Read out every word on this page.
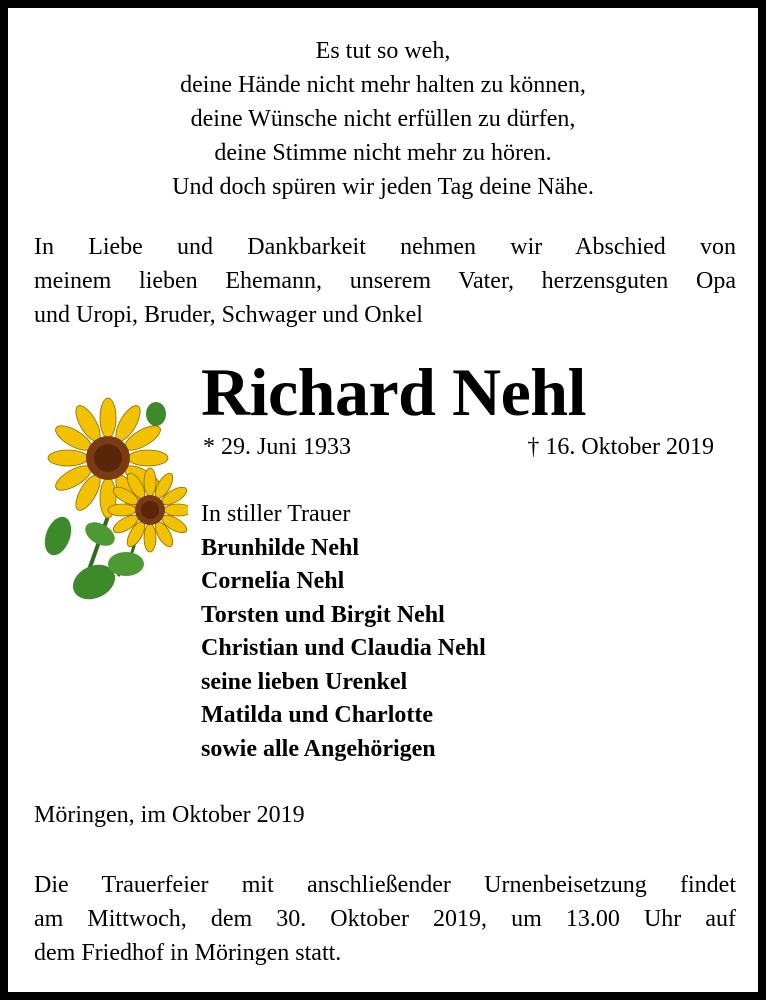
Es tut so weh,
deine Hände nicht mehr halten zu können,
deine Wünsche nicht erfüllen zu dürfen,
deine Stimme nicht mehr zu hören.
Und doch spüren wir jeden Tag deine Nähe.
In Liebe und Dankbarkeit nehmen wir Abschied von
meinem lieben Ehemann, unserem Vater, herzensguten Opa
und Uropi, Bruder, Schwager und Onkel
Richard Nehl
* 29. Juni 1933	† 16. Oktober 2019
In stiller Trauer
Brunhilde Nehl
Cornelia Nehl
Torsten und Birgit Nehl
Christian und Claudia Nehl
seine lieben Urenkel
Matilda und Charlotte
sowie alle Angehörigen
Möringen, im Oktober 2019
Die Trauerfeier mit anschließender Urnenbeisetzung findet
am Mittwoch, dem 30. Oktober 2019, um 13.00 Uhr auf
dem Friedhof in Möringen statt.
